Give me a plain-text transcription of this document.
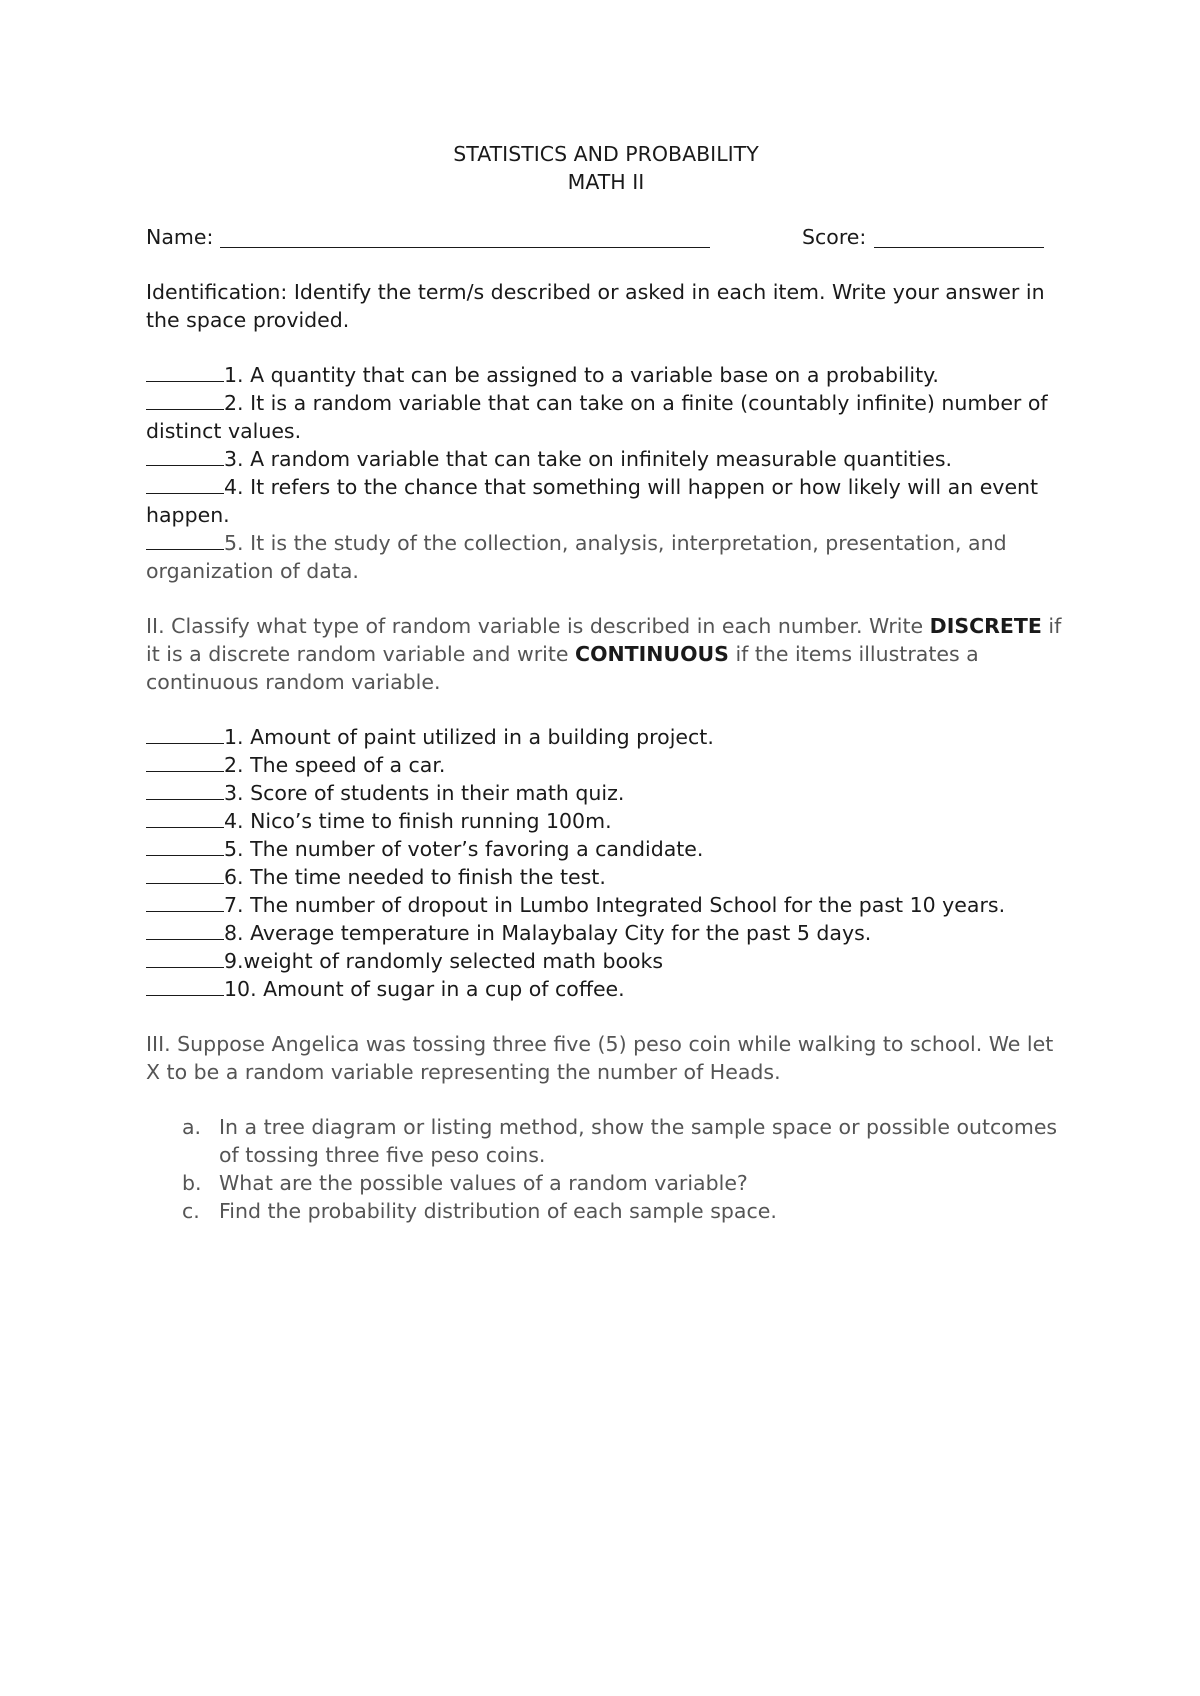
STATISTICS AND PROBABILITY

MATH II

Name:	Score:

Identification: Identify the term/s described or asked in each item. Write your answer in the space provided.

1. A quantity that can be assigned to a variable base on a probability.

2. It is a random variable that can take on a finite (countably infinite) number of distinct values.

3. A random variable that can take on infinitely measurable quantities.

4. It refers to the chance that something will happen or how likely will an event happen.

5. It is the study of the collection, analysis, interpretation, presentation, and organization of data.

II. Classify what type of random variable is described in each number. Write DISCRETE if it is a discrete random variable and write CONTINUOUS if the items illustrates a continuous random variable.

1. Amount of paint utilized in a building project.

2. The speed of a car.

3. Score of students in their math quiz.

4. Nico’s time to finish running 100m.

5. The number of voter’s favoring a candidate.

6. The time needed to finish the test.

7. The number of dropout in Lumbo Integrated School for the past 10 years.

8. Average temperature in Malaybalay City for the past 5 days.

9.weight of randomly selected math books

10. Amount of sugar in a cup of coffee.

III. Suppose Angelica was tossing three five (5) peso coin while walking to school. We let X to be a random variable representing the number of Heads.

a. In a tree diagram or listing method, show the sample space or possible outcomes of tossing three five peso coins.
b. What are the possible values of a random variable?
c. Find the probability distribution of each sample space.
